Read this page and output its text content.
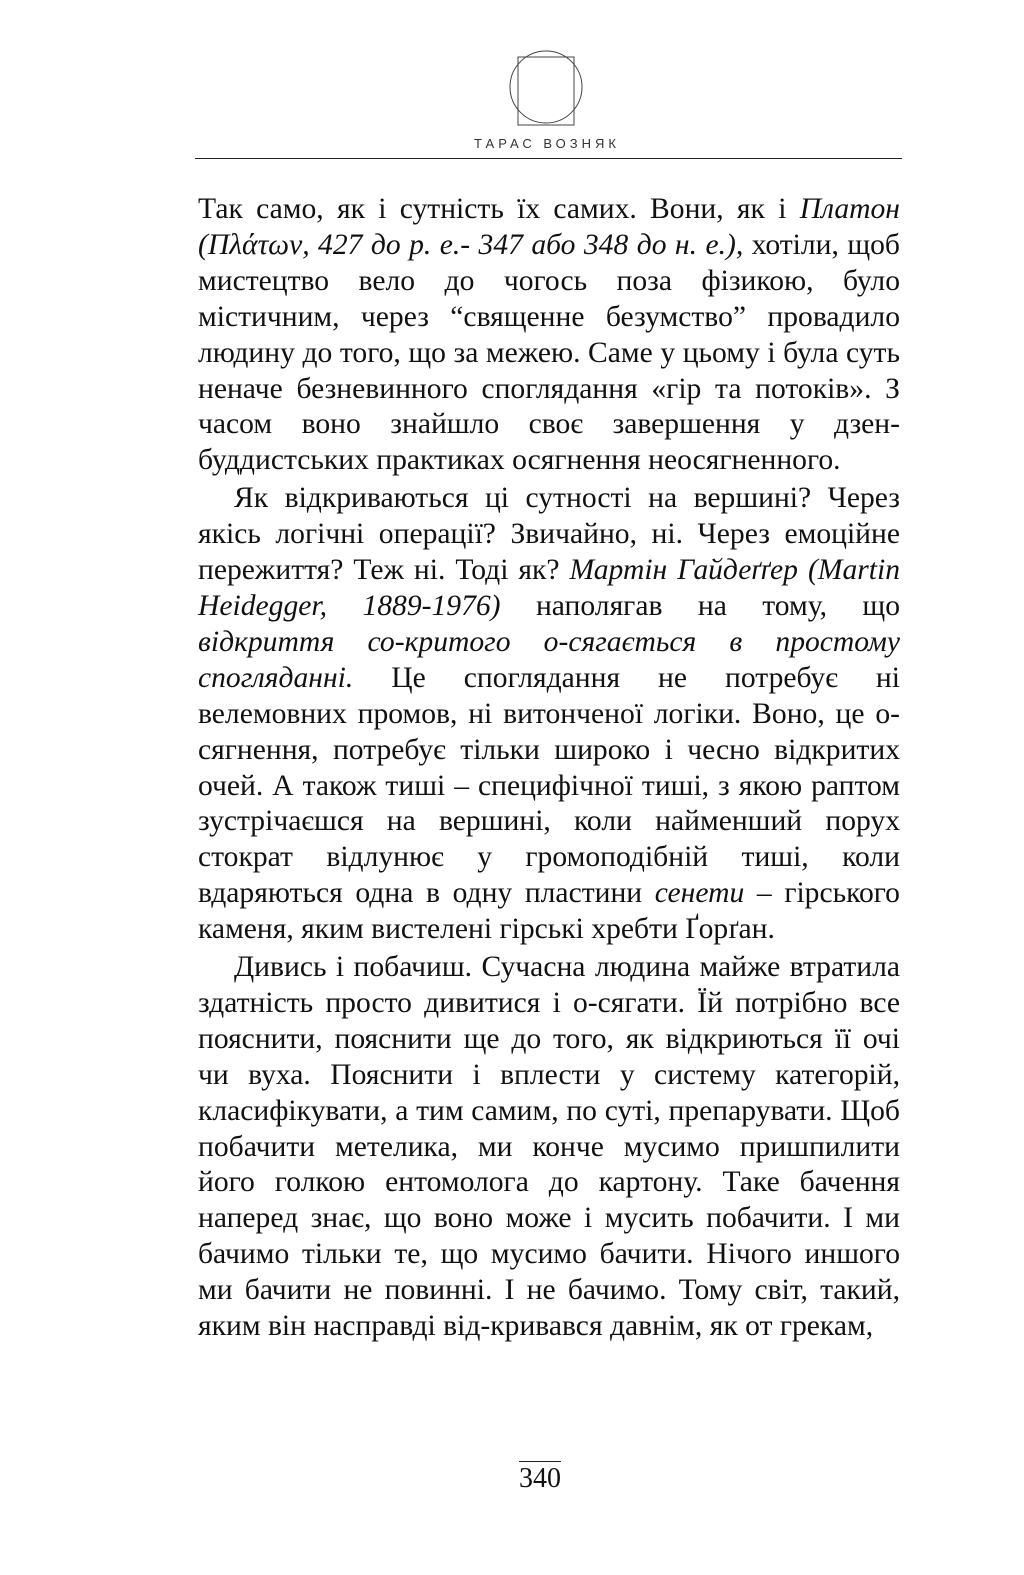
ТАРАС ВОЗНЯК

Так само, як і сутність їх самих. Вони, як і Платон (Πλάτων, 427 до р. е.- 347 або 348 до н. е.), хотіли, щоб мистецтво вело до чогось поза фізикою, було містичним, через “священне безумство” провадило людину до того, що за межею. Саме у цьому і була суть неначе безневинного споглядання «гір та потоків». З часом воно знайшло своє завершення у дзен-буддистських практиках осягнення неосягненного.

Як відкриваються ці сутності на вершині? Через якісь логічні операції? Звичайно, ні. Через емоційне пережиття? Теж ні. Тоді як? Мартін Гайдеґґер (Martin Heidegger, 1889-1976) наполягав на тому, що відкриття со-критого о-сягається в простому спогляданні. Це споглядання не потребує ні велемовних промов, ні витонченої логіки. Воно, це о-сягнення, потребує тільки широко і чесно відкритих очей. А також тиші – специфічної тиші, з якою раптом зустрічаєшся на вершині, коли найменший порух стократ відлунює у громоподібній тиші, коли вдаряються одна в одну пластини сенети – гірського каменя, яким вистелені гірські хребти Ґорґан.

Дивись і побачиш. Сучасна людина майже втратила здатність просто дивитися і о-сягати. Їй потрібно все пояснити, пояснити ще до того, як відкриються її очі чи вуха. Пояснити і вплести у систему категорій, класифікувати, а тим самим, по суті, препарувати. Щоб побачити метелика, ми конче мусимо пришпилити його голкою ентомолога до картону. Таке бачення наперед знає, що воно може і мусить побачити. І ми бачимо тільки те, що мусимо бачити. Нічого иншого ми бачити не повинні. І не бачимо. Тому світ, такий, яким він насправді від-кривався давнім, як от грекам,

340
